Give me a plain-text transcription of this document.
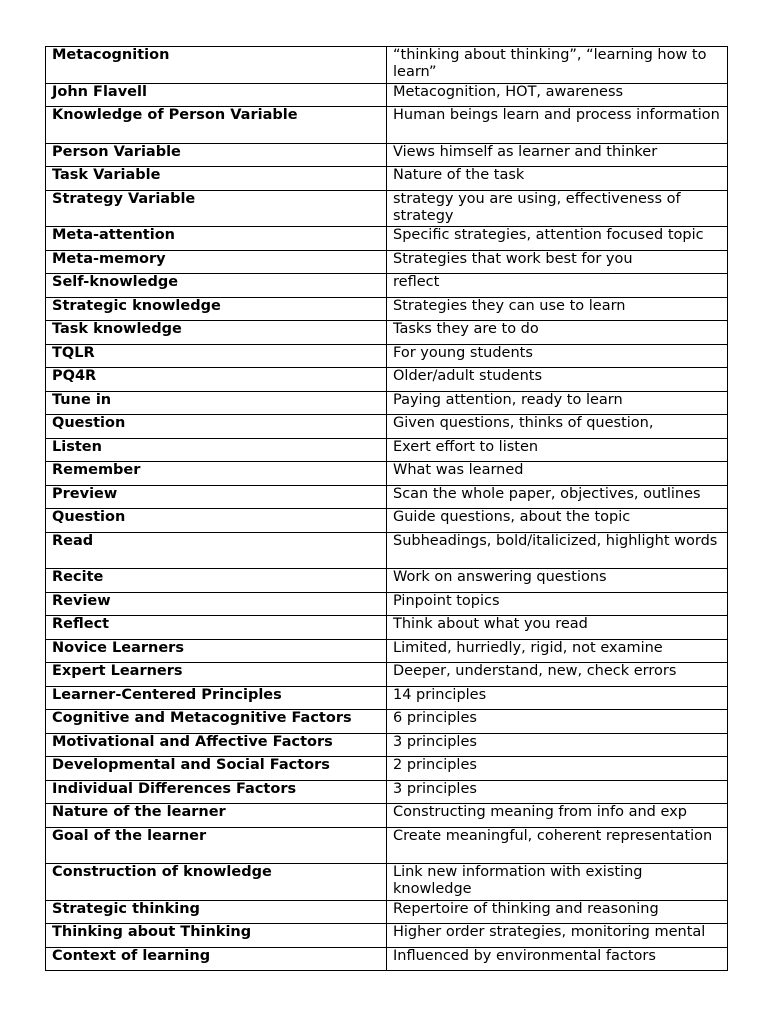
Metacognition	“thinking about thinking”, “learning how to learn”
John Flavell	Metacognition, HOT, awareness
Knowledge of Person Variable	Human beings learn and process information
Person Variable	Views himself as learner and thinker
Task Variable	Nature of the task
Strategy Variable	strategy you are using, effectiveness of strategy
Meta-attention	Specific strategies, attention focused topic
Meta-memory	Strategies that work best for you
Self-knowledge	reflect
Strategic knowledge	Strategies they can use to learn
Task knowledge	Tasks they are to do
TQLR	For young students
PQ4R	Older/adult students
Tune in	Paying attention, ready to learn
Question	Given questions, thinks of question,
Listen	Exert effort to listen
Remember	What was learned
Preview	Scan the whole paper, objectives, outlines
Question	Guide questions, about the topic
Read	Subheadings, bold/italicized, highlight words
Recite	Work on answering questions
Review	Pinpoint topics
Reflect	Think about what you read
Novice Learners	Limited, hurriedly, rigid, not examine
Expert Learners	Deeper, understand, new, check errors
Learner-Centered Principles	14 principles
Cognitive and Metacognitive Factors	6 principles
Motivational and Affective Factors	3 principles
Developmental and Social Factors	2 principles
Individual Differences Factors	3 principles
Nature of the learner	Constructing meaning from info and exp
Goal of the learner	Create meaningful, coherent representation
Construction of knowledge	Link new information with existing knowledge
Strategic thinking	Repertoire of thinking and reasoning
Thinking about Thinking	Higher order strategies, monitoring mental
Context of learning	Influenced by environmental factors
